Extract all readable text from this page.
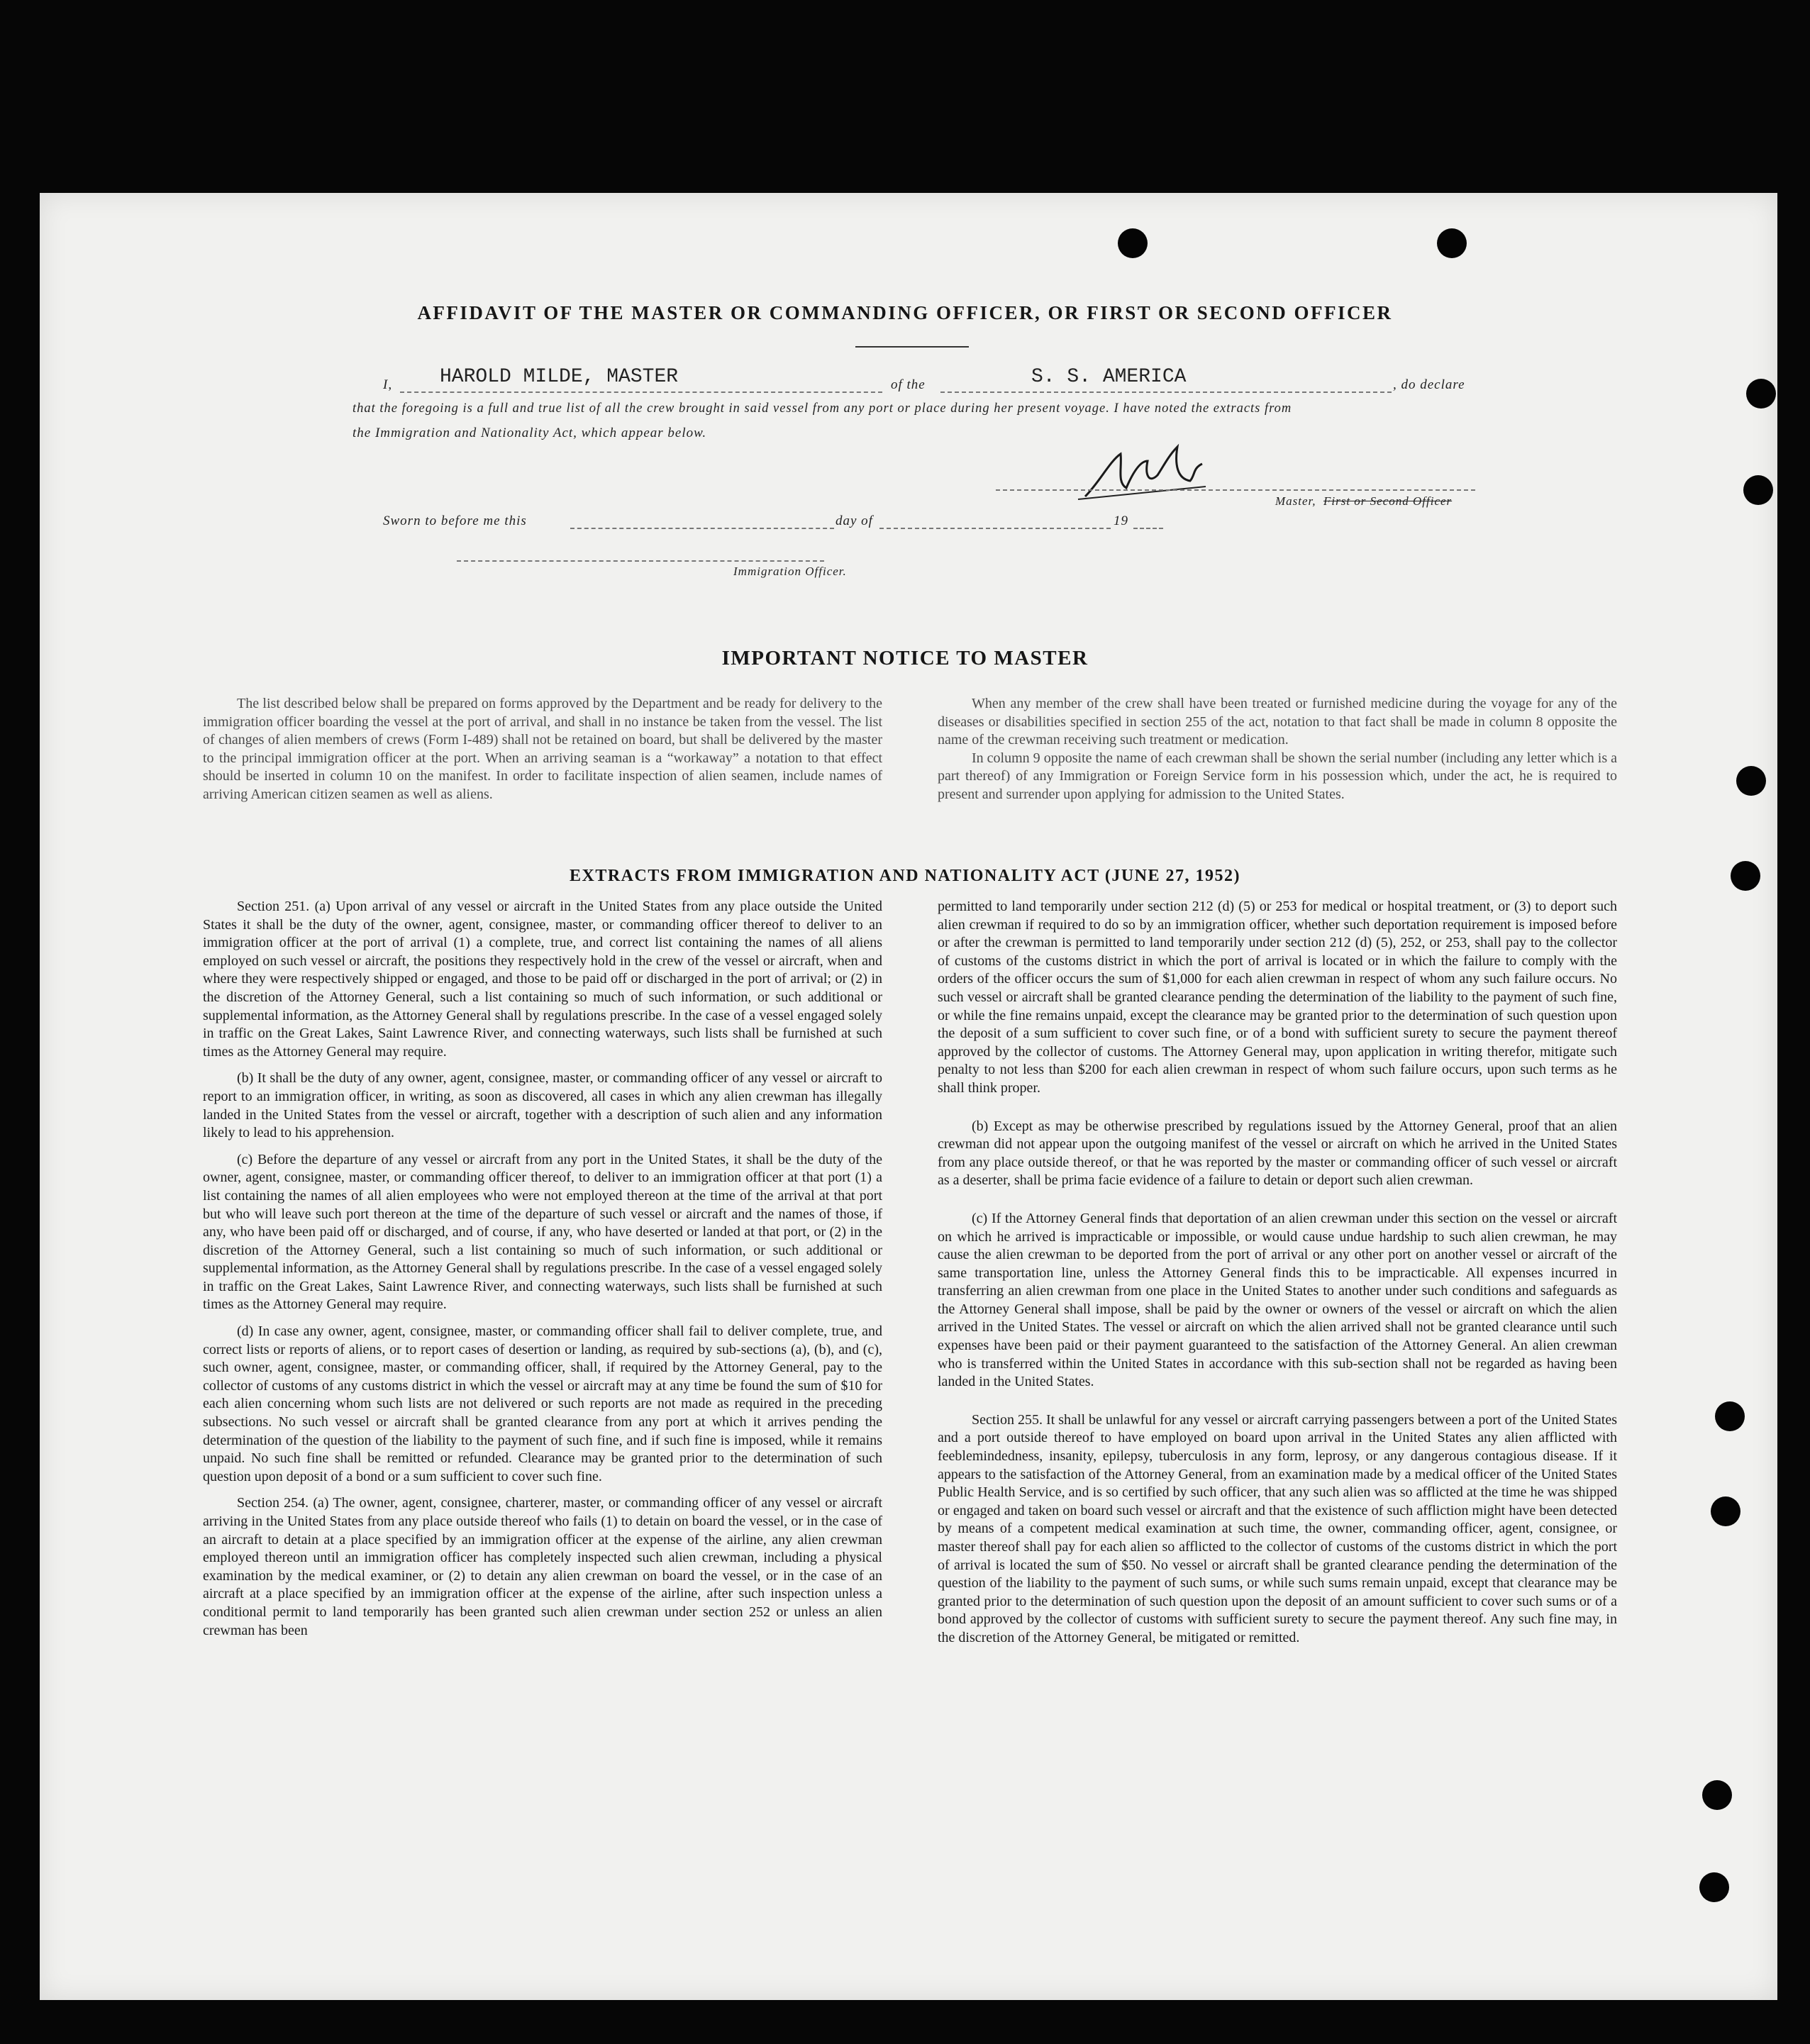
AFFIDAVIT OF THE MASTER OR COMMANDING OFFICER, OR FIRST OR SECOND OFFICER
I, HAROLD MILDE, MASTER	of the	S. S. AMERICA	, do declare
that the foregoing is a full and true list of all the crew brought in said vessel from any port or place during her present voyage. I have noted the extracts from
the Immigration and Nationality Act, which appear below.
Master, First or Second Officer
Sworn to before me this	day of	19
Immigration Officer.
IMPORTANT NOTICE TO MASTER

The list described below shall be prepared on forms approved by the Department and be ready for delivery to the immigration officer boarding the vessel at the port of arrival, and shall in no instance be taken from the vessel. The list of changes of alien members of crews (Form I-489) shall not be retained on board, but shall be delivered by the master to the principal immigration officer at the port. When an arriving seaman is a “workaway” a notation to that effect should be inserted in column 10 on the manifest. In order to facilitate inspection of alien seamen, include names of arriving American citizen seamen as well as aliens.

When any member of the crew shall have been treated or furnished medicine during the voyage for any of the diseases or disabilities specified in section 255 of the act, notation to that fact shall be made in column 8 opposite the name of the crewman receiving such treatment or medication.

In column 9 opposite the name of each crewman shall be shown the serial number (including any letter which is a part thereof) of any Immigration or Foreign Service form in his possession which, under the act, he is required to present and surrender upon applying for admission to the United States.

EXTRACTS FROM IMMIGRATION AND NATIONALITY ACT (JUNE 27, 1952)

Section 251. (a) Upon arrival of any vessel or aircraft in the United States from any place outside the United States it shall be the duty of the owner, agent, consignee, master, or commanding officer thereof to deliver to an immigration officer at the port of arrival (1) a complete, true, and correct list containing the names of all aliens employed on such vessel or aircraft, the positions they respectively hold in the crew of the vessel or aircraft, when and where they were respectively shipped or engaged, and those to be paid off or discharged in the port of arrival; or (2) in the discretion of the Attorney General, such a list containing so much of such information, or such additional or supplemental information, as the Attorney General shall by regulations prescribe. In the case of a vessel engaged solely in traffic on the Great Lakes, Saint Lawrence River, and connecting waterways, such lists shall be furnished at such times as the Attorney General may require.

(b) It shall be the duty of any owner, agent, consignee, master, or commanding officer of any vessel or aircraft to report to an immigration officer, in writing, as soon as discovered, all cases in which any alien crewman has illegally landed in the United States from the vessel or aircraft, together with a description of such alien and any information likely to lead to his apprehension.

(c) Before the departure of any vessel or aircraft from any port in the United States, it shall be the duty of the owner, agent, consignee, master, or commanding officer thereof, to deliver to an immigration officer at that port (1) a list containing the names of all alien employees who were not employed thereon at the time of the arrival at that port but who will leave such port thereon at the time of the departure of such vessel or aircraft and the names of those, if any, who have been paid off or discharged, and of course, if any, who have deserted or landed at that port, or (2) in the discretion of the Attorney General, such a list containing so much of such information, or such additional or supplemental information, as the Attorney General shall by regulations prescribe. In the case of a vessel engaged solely in traffic on the Great Lakes, Saint Lawrence River, and connecting waterways, such lists shall be furnished at such times as the Attorney General may require.

(d) In case any owner, agent, consignee, master, or commanding officer shall fail to deliver complete, true, and correct lists or reports of aliens, or to report cases of desertion or landing, as required by sub-sections (a), (b), and (c), such owner, agent, consignee, master, or commanding officer, shall, if required by the Attorney General, pay to the collector of customs of any customs district in which the vessel or aircraft may at any time be found the sum of $10 for each alien concerning whom such lists are not delivered or such reports are not made as required in the preceding subsections. No such vessel or aircraft shall be granted clearance from any port at which it arrives pending the determination of the question of the liability to the payment of such fine, and if such fine is imposed, while it remains unpaid. No such fine shall be remitted or refunded. Clearance may be granted prior to the determination of such question upon deposit of a bond or a sum sufficient to cover such fine.

Section 254. (a) The owner, agent, consignee, charterer, master, or commanding officer of any vessel or aircraft arriving in the United States from any place outside thereof who fails (1) to detain on board the vessel, or in the case of an aircraft to detain at a place specified by an immigration officer at the expense of the airline, any alien crewman employed thereon until an immigration officer has completely inspected such alien crewman, including a physical examination by the medical examiner, or (2) to detain any alien crewman on board the vessel, or in the case of an aircraft at a place specified by an immigration officer at the expense of the airline, after such inspection unless a conditional permit to land temporarily has been granted such alien crewman under section 252 or unless an alien crewman has been

permitted to land temporarily under section 212 (d) (5) or 253 for medical or hospital treatment, or (3) to deport such alien crewman if required to do so by an immigration officer, whether such deportation requirement is imposed before or after the crewman is permitted to land temporarily under section 212 (d) (5), 252, or 253, shall pay to the collector of customs of the customs district in which the port of arrival is located or in which the failure to comply with the orders of the officer occurs the sum of $1,000 for each alien crewman in respect of whom any such failure occurs. No such vessel or aircraft shall be granted clearance pending the determination of the liability to the payment of such fine, or while the fine remains unpaid, except the clearance may be granted prior to the determination of such question upon the deposit of a sum sufficient to cover such fine, or of a bond with sufficient surety to secure the payment thereof approved by the collector of customs. The Attorney General may, upon application in writing therefor, mitigate such penalty to not less than $200 for each alien crewman in respect of whom such failure occurs, upon such terms as he shall think proper.

(b) Except as may be otherwise prescribed by regulations issued by the Attorney General, proof that an alien crewman did not appear upon the outgoing manifest of the vessel or aircraft on which he arrived in the United States from any place outside thereof, or that he was reported by the master or commanding officer of such vessel or aircraft as a deserter, shall be prima facie evidence of a failure to detain or deport such alien crewman.

(c) If the Attorney General finds that deportation of an alien crewman under this section on the vessel or aircraft on which he arrived is impracticable or impossible, or would cause undue hardship to such alien crewman, he may cause the alien crewman to be deported from the port of arrival or any other port on another vessel or aircraft of the same transportation line, unless the Attorney General finds this to be impracticable. All expenses incurred in transferring an alien crewman from one place in the United States to another under such conditions and safeguards as the Attorney General shall impose, shall be paid by the owner or owners of the vessel or aircraft on which the alien arrived in the United States. The vessel or aircraft on which the alien arrived shall not be granted clearance until such expenses have been paid or their payment guaranteed to the satisfaction of the Attorney General. An alien crewman who is transferred within the United States in accordance with this sub-section shall not be regarded as having been landed in the United States.

Section 255. It shall be unlawful for any vessel or aircraft carrying passengers between a port of the United States and a port outside thereof to have employed on board upon arrival in the United States any alien afflicted with feeblemindedness, insanity, epilepsy, tuberculosis in any form, leprosy, or any dangerous contagious disease. If it appears to the satisfaction of the Attorney General, from an examination made by a medical officer of the United States Public Health Service, and is so certified by such officer, that any such alien was so afflicted at the time he was shipped or engaged and taken on board such vessel or aircraft and that the existence of such affliction might have been detected by means of a competent medical examination at such time, the owner, commanding officer, agent, consignee, or master thereof shall pay for each alien so afflicted to the collector of customs of the customs district in which the port of arrival is located the sum of $50. No vessel or aircraft shall be granted clearance pending the determination of the question of the liability to the payment of such sums, or while such sums remain unpaid, except that clearance may be granted prior to the determination of such question upon the deposit of an amount sufficient to cover such sums or of a bond approved by the collector of customs with sufficient surety to secure the payment thereof. Any such fine may, in the discretion of the Attorney General, be mitigated or remitted.
